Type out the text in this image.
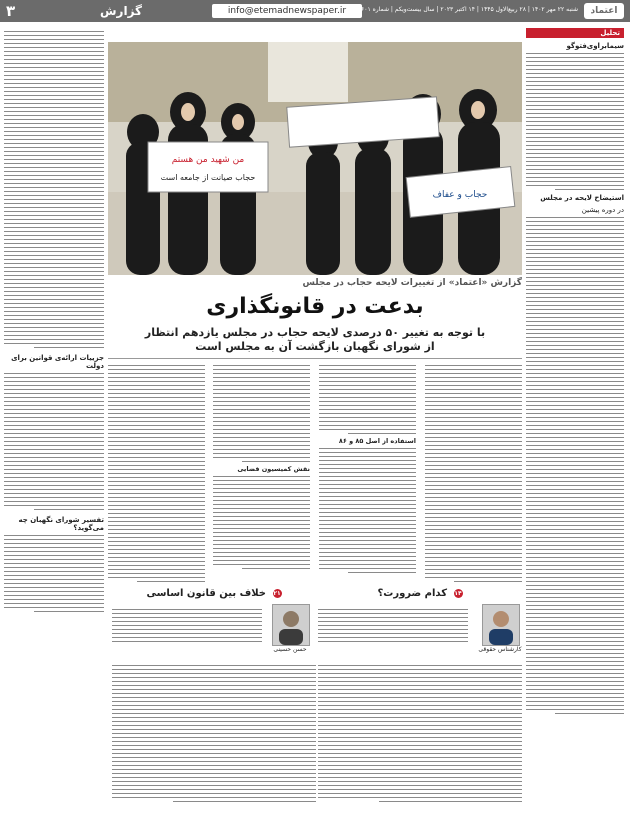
۳	گزارش	info@etemadnewspaper.ir	شنبه ۲۲ مهر ۱۴۰۲ | ۲۸ ربیع‌الاول ۱۴۴۵ | ۱۴ اکتبر ۲۰۲۳ | سال بیست‌ویکم | شماره ۵۶۰۱	اعتماد
تحلیل
سیمابراوی‌فتوگو
استیضاح لایحه در مجلس
در دوره پیشین
جزییات ارائه‌ی قوانین برای دولت
تفسیر شورای نگهبان چه می‌گوید؟
من شهید من هستم
حجاب صیانت از جامعه است
حجاب و عفاف
گزارش «اعتماد» از تغییرات لایحه حجاب در مجلس
بدعت در قانونگذاری
با توجه به تغییر ۵۰ درصدی لایحه حجاب در مجلس یازدهم انتظار
از شورای نگهبان بازگشت آن به مجلس است
استفاده از اصل ۸۵ و ۸۶
نقش کمیسیون قضایی
۲۱ خلاف بین قانون اساسی
حسن حسینی
۱۴ کدام ضرورت؟
کارشناس حقوقی
